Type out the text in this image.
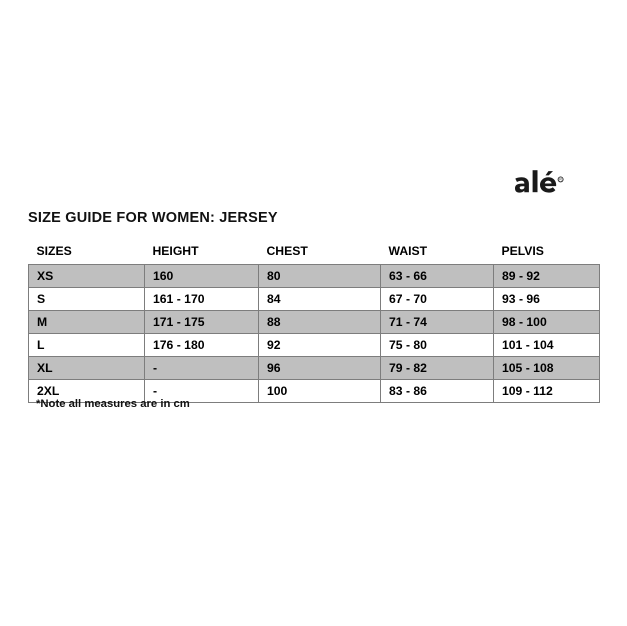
R
SIZE GUIDE FOR WOMEN: JERSEY
SIZES	HEIGHT	CHEST	WAIST	PELVIS
XS	160	80	63 - 66	89 - 92
S	161 - 170	84	67 - 70	93 - 96
M	171 - 175	88	71 - 74	98 - 100
L	176 - 180	92	75 - 80	101 - 104
XL	-	96	79 - 82	105 - 108
2XL	-	100	83 - 86	109 - 112
*Note all measures are in cm
